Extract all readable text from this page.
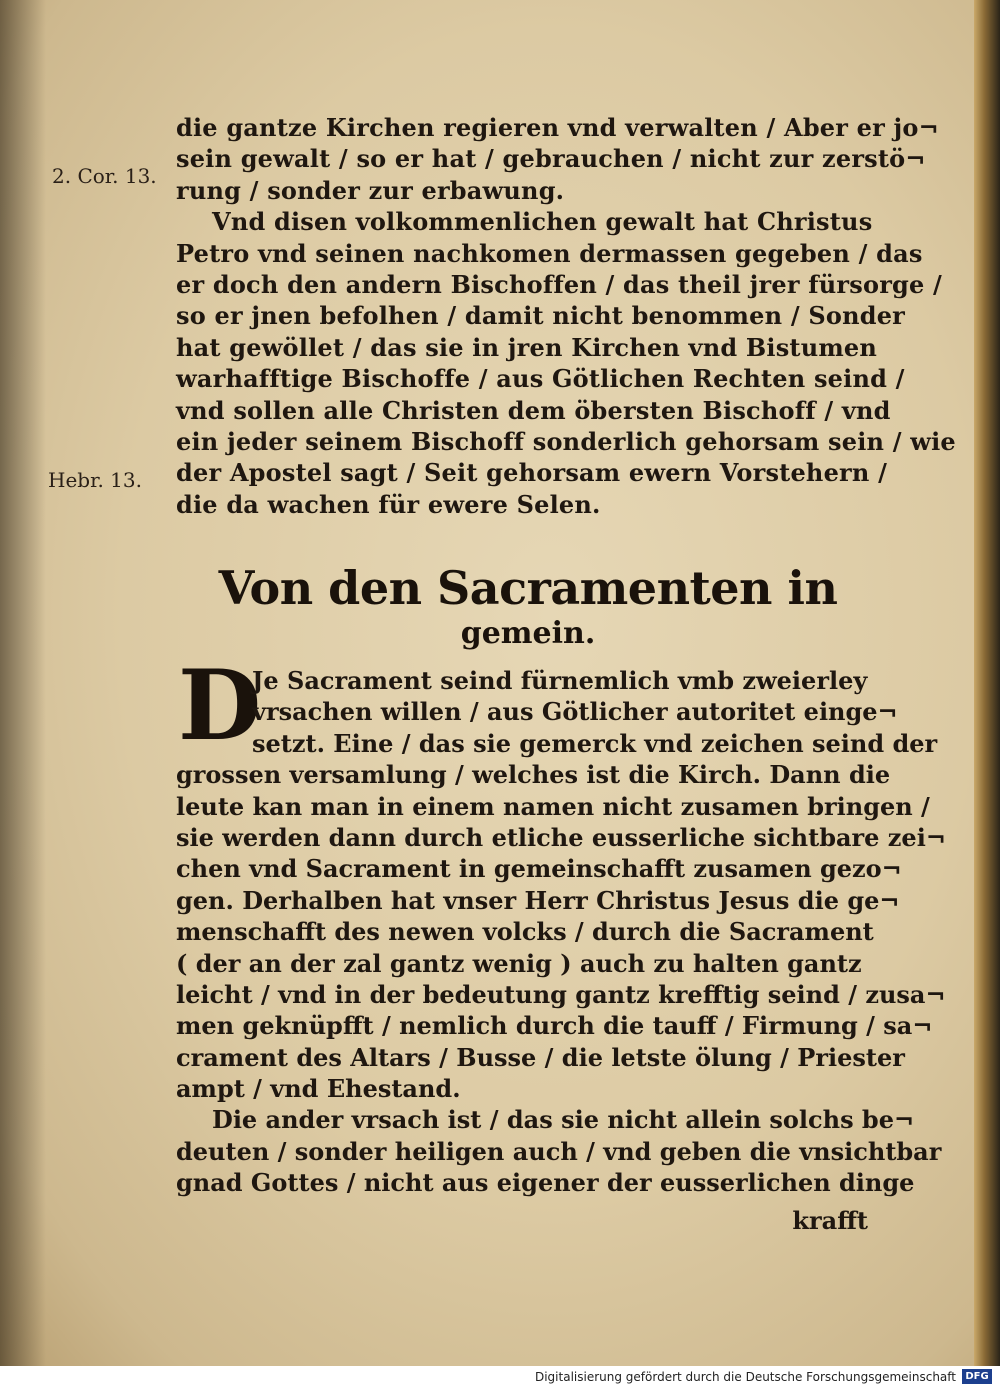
2. Cor. 13.
Hebr. 13.
die gantze Kirchen regieren vnd verwalten / Aber er jo¬
sein gewalt / so er hat / gebrauchen / nicht zur zerstö¬
rung / sonder zur erbawung.
Vnd disen volkommenlichen gewalt hat Christus
Petro vnd seinen nachkomen dermassen gegeben / das
er doch den andern Bischoffen / das theil jrer fürsorge /
so er jnen befolhen / damit nicht benommen / Sonder
hat gewöllet / das sie in jren Kirchen vnd Bistumen
warhafftige Bischoffe / aus Götlichen Rechten seind /
vnd sollen alle Christen dem öbersten Bischoff / vnd
ein jeder seinem Bischoff sonderlich gehorsam sein / wie
der Apostel sagt / Seit gehorsam ewern Vorstehern /
die da wachen für ewere Selen.
Von den Sacramenten in
gemein.
D
Je Sacrament seind fürnemlich vmb zweierley
vrsachen willen / aus Götlicher autoritet einge¬
setzt. Eine / das sie gemerck vnd zeichen seind der
grossen versamlung / welches ist die Kirch. Dann die
leute kan man in einem namen nicht zusamen bringen /
sie werden dann durch etliche eusserliche sichtbare zei¬
chen vnd Sacrament in gemeinschafft zusamen gezo¬
gen. Derhalben hat vnser Herr Christus Jesus die ge¬
menschafft des newen volcks / durch die Sacrament
( der an der zal gantz wenig ) auch zu halten gantz
leicht / vnd in der bedeutung gantz krefftig seind / zusa¬
men geknüpfft / nemlich durch die tauff / Firmung / sa¬
crament des Altars / Busse / die letste ölung / Priester
ampt / vnd Ehestand.
Die ander vrsach ist / das sie nicht allein solchs be¬
deuten / sonder heiligen auch / vnd geben die vnsichtbar
gnad Gottes / nicht aus eigener der eusserlichen dinge
krafft
Digitalisierung gefördert durch die Deutsche Forschungsgemeinschaft DFG
